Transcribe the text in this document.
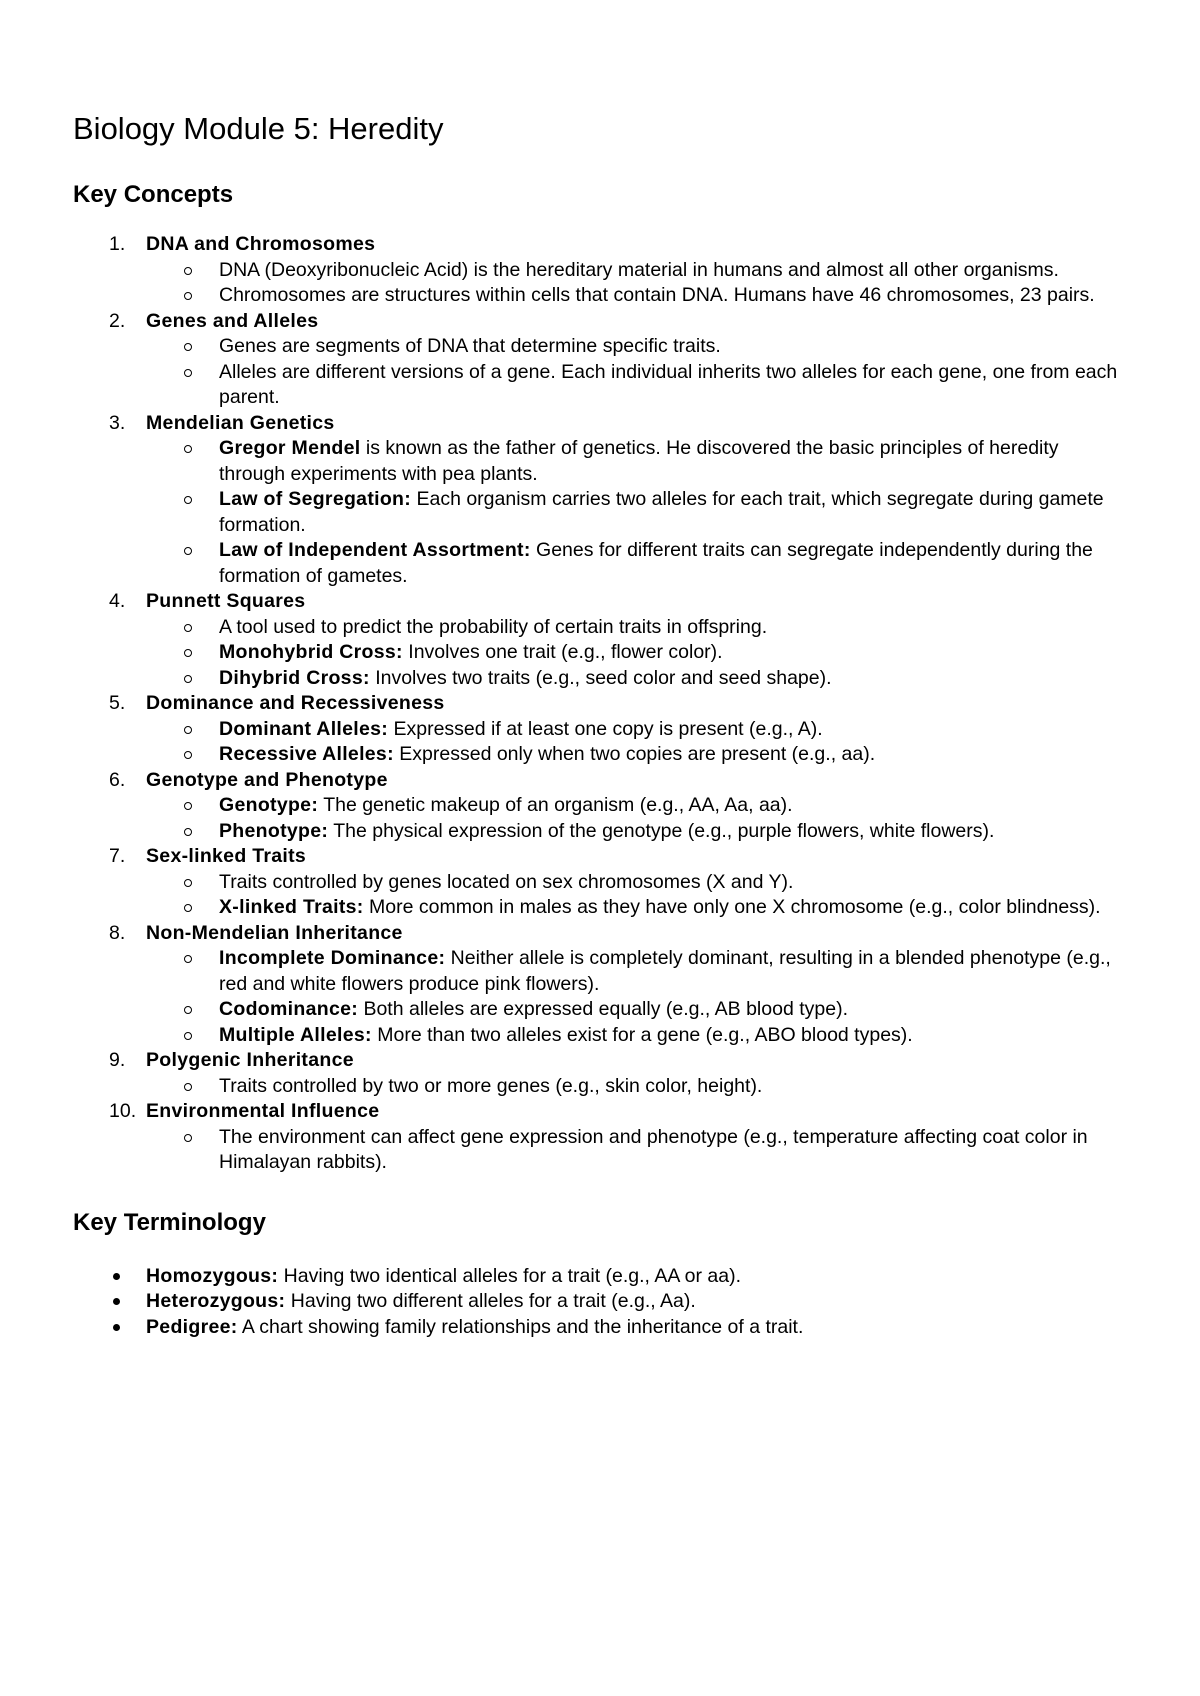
Biology Module 5: Heredity
Key Concepts
1.	DNA and Chromosomes
DNA (Deoxyribonucleic Acid) is the hereditary material in humans and almost all other organisms.
Chromosomes are structures within cells that contain DNA. Humans have 46 chromosomes, 23 pairs.
2.	Genes and Alleles
Genes are segments of DNA that determine specific traits.
Alleles are different versions of a gene. Each individual inherits two alleles for each gene, one from each parent.
3.	Mendelian Genetics
Gregor Mendel is known as the father of genetics. He discovered the basic principles of heredity through experiments with pea plants.
Law of Segregation: Each organism carries two alleles for each trait, which segregate during gamete formation.
Law of Independent Assortment: Genes for different traits can segregate independently during the formation of gametes.
4.	Punnett Squares
A tool used to predict the probability of certain traits in offspring.
Monohybrid Cross: Involves one trait (e.g., flower color).
Dihybrid Cross: Involves two traits (e.g., seed color and seed shape).
5.	Dominance and Recessiveness
Dominant Alleles: Expressed if at least one copy is present (e.g., A).
Recessive Alleles: Expressed only when two copies are present (e.g., aa).
6.	Genotype and Phenotype
Genotype: The genetic makeup of an organism (e.g., AA, Aa, aa).
Phenotype: The physical expression of the genotype (e.g., purple flowers, white flowers).
7.	Sex-linked Traits
Traits controlled by genes located on sex chromosomes (X and Y).
X-linked Traits: More common in males as they have only one X chromosome (e.g., color blindness).
8.	Non-Mendelian Inheritance
Incomplete Dominance: Neither allele is completely dominant, resulting in a blended phenotype (e.g., red and white flowers produce pink flowers).
Codominance: Both alleles are expressed equally (e.g., AB blood type).
Multiple Alleles: More than two alleles exist for a gene (e.g., ABO blood types).
9.	Polygenic Inheritance
Traits controlled by two or more genes (e.g., skin color, height).
10. Environmental Influence
The environment can affect gene expression and phenotype (e.g., temperature affecting coat color in Himalayan rabbits).
Key Terminology
Homozygous: Having two identical alleles for a trait (e.g., AA or aa).
Heterozygous: Having two different alleles for a trait (e.g., Aa).
Pedigree: A chart showing family relationships and the inheritance of a trait.
